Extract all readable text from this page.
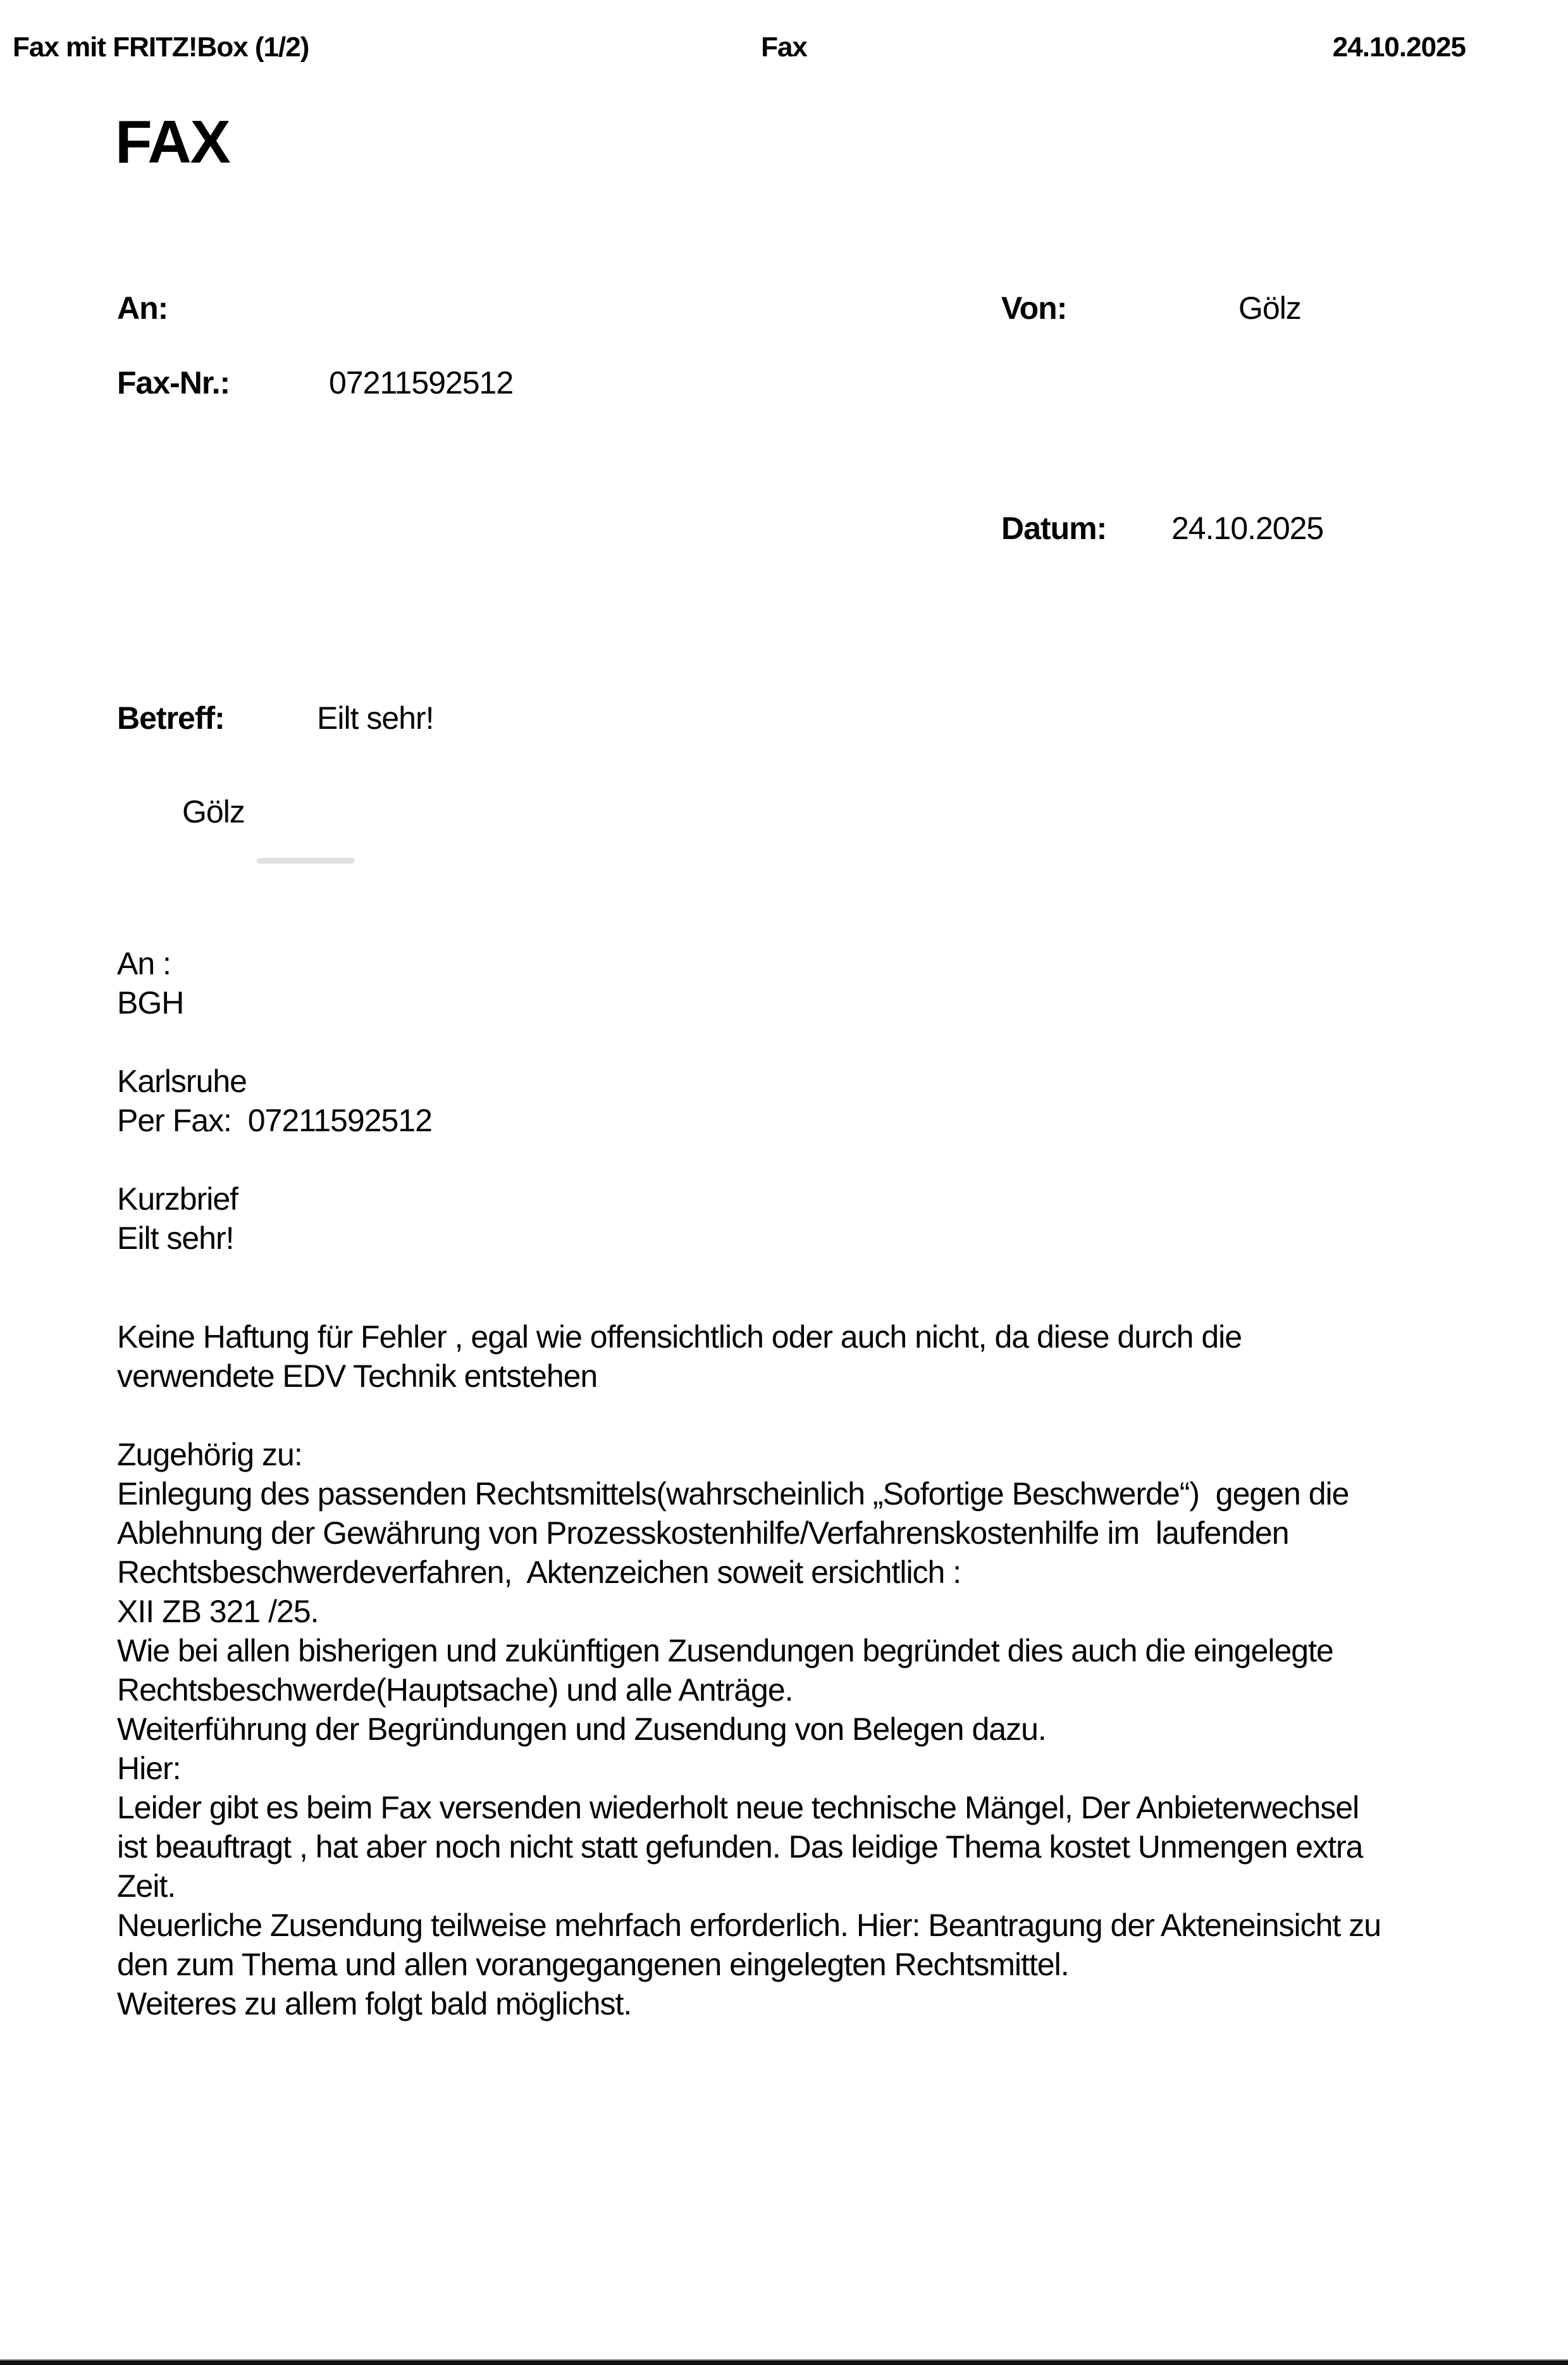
Fax mit FRITZ!Box (1/2)	Fax	24.10.2025
FAX
An:
Fax-Nr.:	07211592512
Von:	Gölz
Datum: 24.10.2025
Betreff:	Eilt sehr!
Gölz
An :
BGH
Karlsruhe
Per Fax:  07211592512
Kurzbrief
Eilt sehr!
Keine Haftung für Fehler , egal wie offensichtlich oder auch nicht, da diese durch die
verwendete EDV Technik entstehen
Zugehörig zu:
Einlegung des passenden Rechtsmittels(wahrscheinlich „Sofortige Beschwerde“)  gegen die
Ablehnung der Gewährung von Prozesskostenhilfe/Verfahrenskostenhilfe im  laufenden
Rechtsbeschwerdeverfahren,  Aktenzeichen soweit ersichtlich :
XII ZB 321 /25.
Wie bei allen bisherigen und zukünftigen Zusendungen begründet dies auch die eingelegte
Rechtsbeschwerde(Hauptsache) und alle Anträge.
Weiterführung der Begründungen und Zusendung von Belegen dazu.
Hier:
Leider gibt es beim Fax versenden wiederholt neue technische Mängel, Der Anbieterwechsel
ist beauftragt , hat aber noch nicht statt gefunden. Das leidige Thema kostet Unmengen extra
Zeit.
Neuerliche Zusendung teilweise mehrfach erforderlich. Hier: Beantragung der Akteneinsicht zu
den zum Thema und allen vorangegangenen eingelegten Rechtsmittel.
Weiteres zu allem folgt bald möglichst.
